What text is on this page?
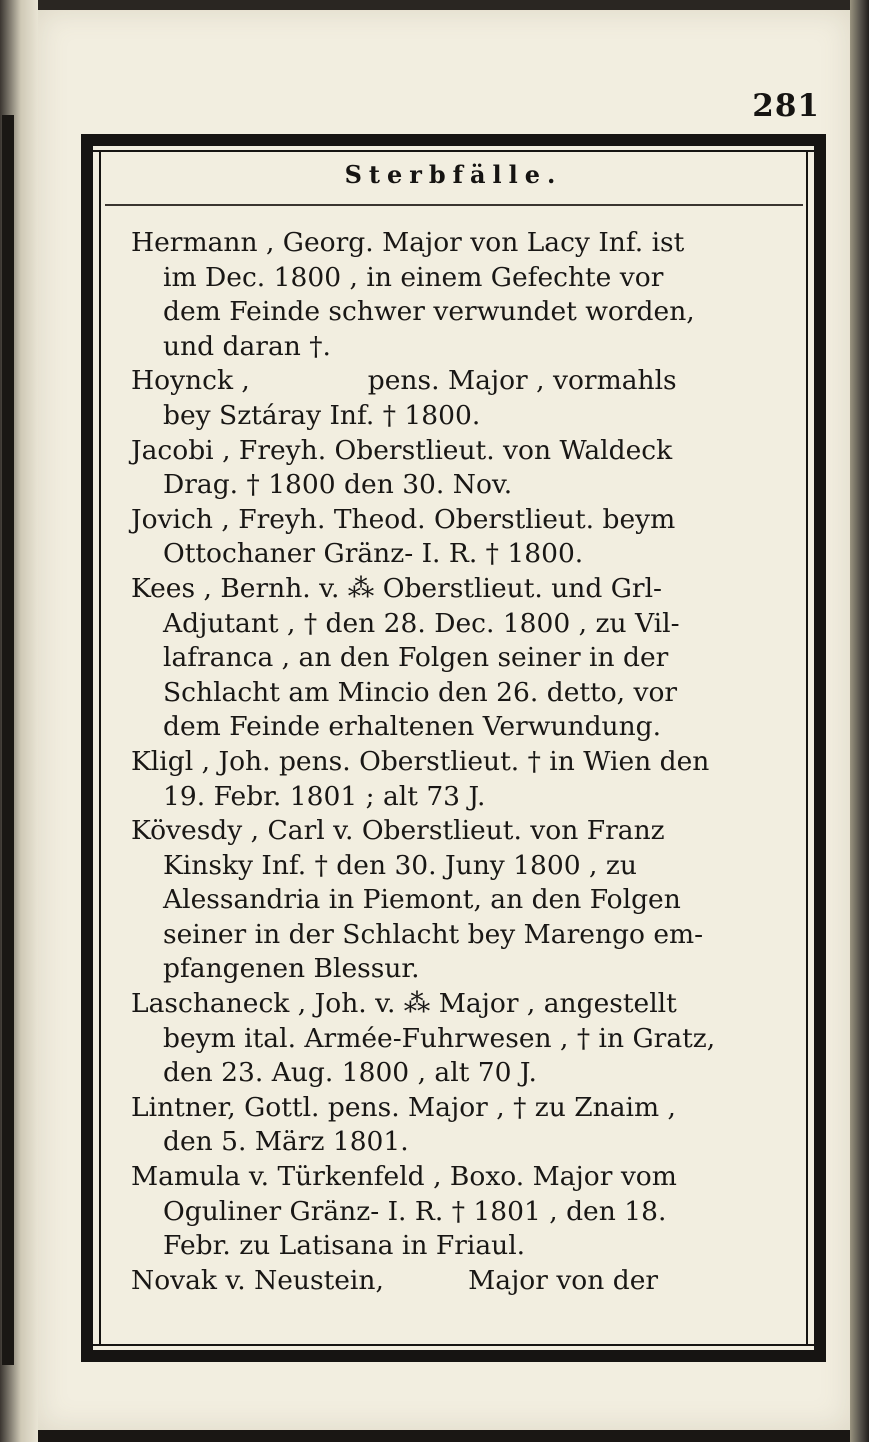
281
Sterbfälle.
Hermann , Georg. Major von Lacy Inf. ist
im Dec. 1800 , in einem Gefechte vor
dem Feinde schwer verwundet worden,
und daran †.
Hoynck ,              pens. Major , vormahls
bey Sztáray Inf. † 1800.
Jacobi , Freyh. Oberstlieut. von Waldeck
Drag. † 1800 den 30. Nov.
Jovich , Freyh. Theod. Oberstlieut. beym
Ottochaner Gränz- I. R. † 1800.
Kees , Bernh. v. ⁂ Oberstlieut. und Grl-
Adjutant , † den 28. Dec. 1800 , zu Vil-
lafranca , an den Folgen seiner in der
Schlacht am Mincio den 26. detto, vor
dem Feinde erhaltenen Verwundung.
Kligl , Joh. pens. Oberstlieut. † in Wien den
19. Febr. 1801 ; alt 73 J.
Kövesdy , Carl v. Oberstlieut. von Franz
Kinsky Inf. † den 30. Juny 1800 , zu
Alessandria in Piemont, an den Folgen
seiner in der Schlacht bey Marengo em-
pfangenen Blessur.
Laschaneck , Joh. v. ⁂ Major , angestellt
beym ital. Armée-Fuhrwesen , † in Gratz,
den 23. Aug. 1800 , alt 70 J.
Lintner, Gottl. pens. Major , † zu Znaim ,
den 5. März 1801.
Mamula v. Türkenfeld , Boxo. Major vom
Oguliner Gränz- I. R. † 1801 , den 18.
Febr. zu Latisana in Friaul.
Novak v. Neustein,          Major von der
